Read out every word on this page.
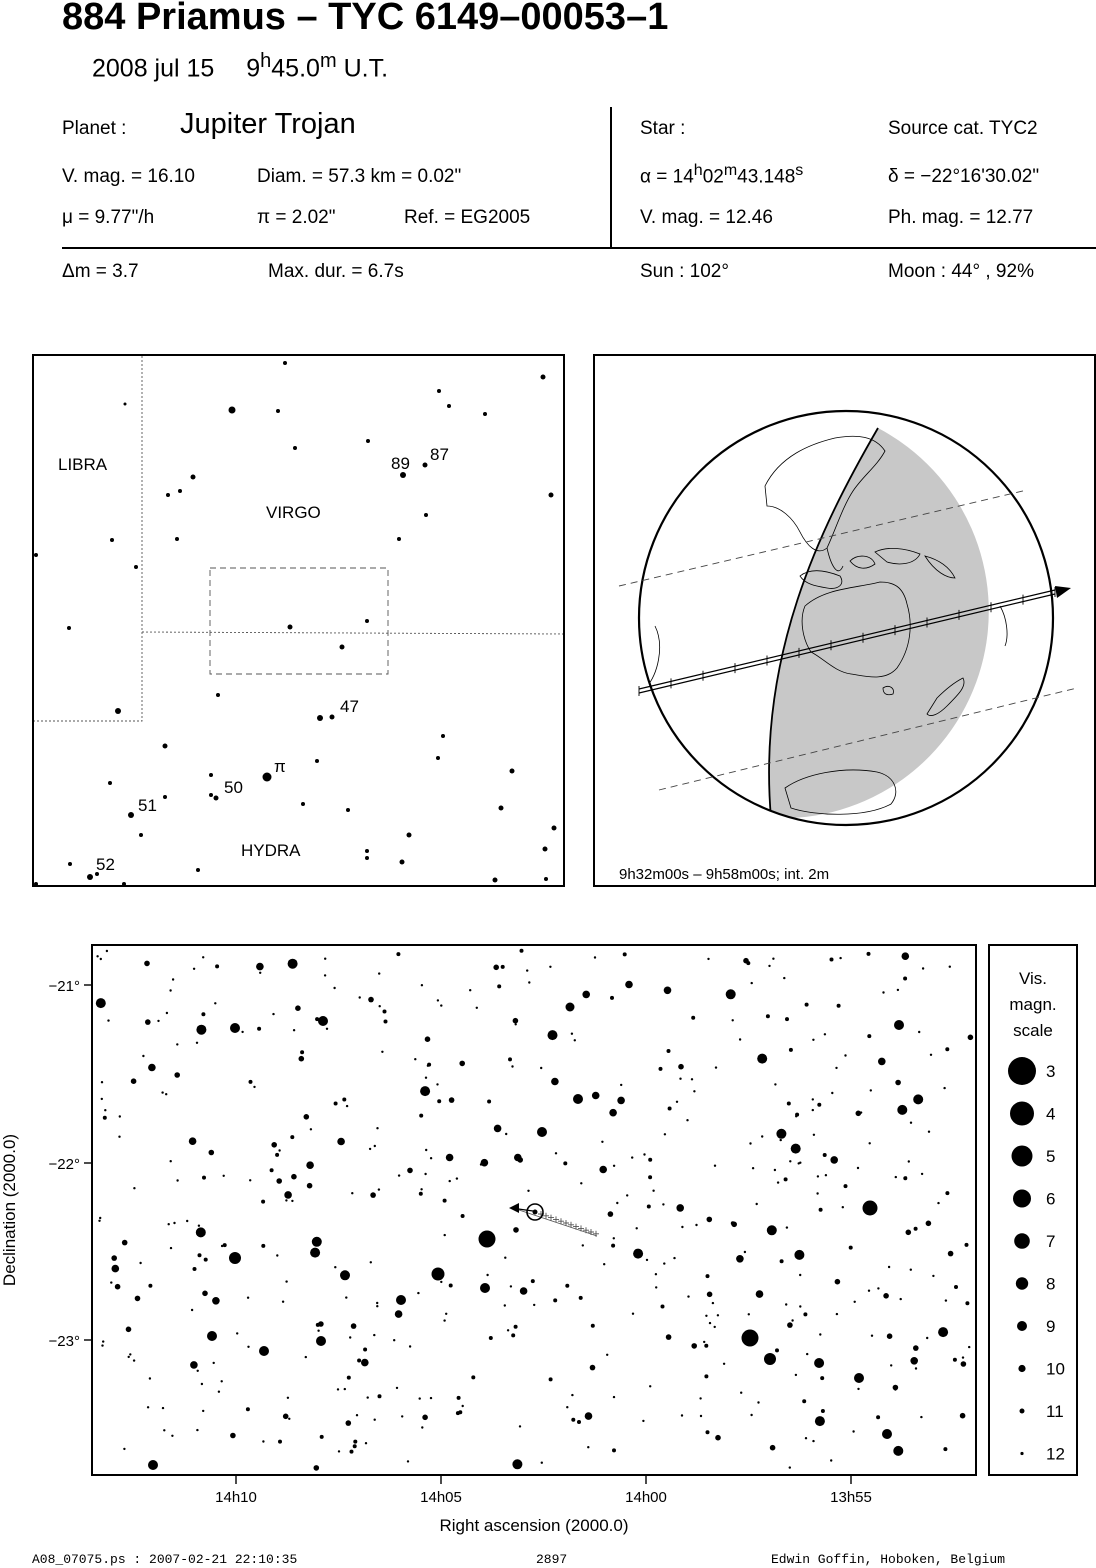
884 Priamus – TYC 6149–00053–1
2008 jul 15 9$^h$45.0$^m$ U.T.
Planet : Jupiter Trojan
V. mag. = 16.10	Diam. = 57.3 km = 0.02"
μ = 9.77"/h	π = 2.02"	Ref. = EG2005
Star :	Source cat. TYC2
$\alpha = 14^h02^m43.148^s$	δ = −22°16'30.02"
V. mag. = 12.46	Ph. mag. = 12.77
Δm = 3.7	Max. dur. = 6.7s	Sun : 102°	Moon : 44° , 92%
LIBRA
VIRGO
HYDRA
89 87
47
50
51
52
π
9h32m00s – 9h58m00s; int. 2m
−21°
−22°
−23°
14h10	14h05	14h00	13h55
Right ascension (2000.0)
Declination (2000.0)
Vis.
magn.
scale
3
4
5
6
7
8
9
10
11
12
A08_07075.ps : 2007-02-21 22:10:35	2897	Edwin Goffin, Hoboken, Belgium
